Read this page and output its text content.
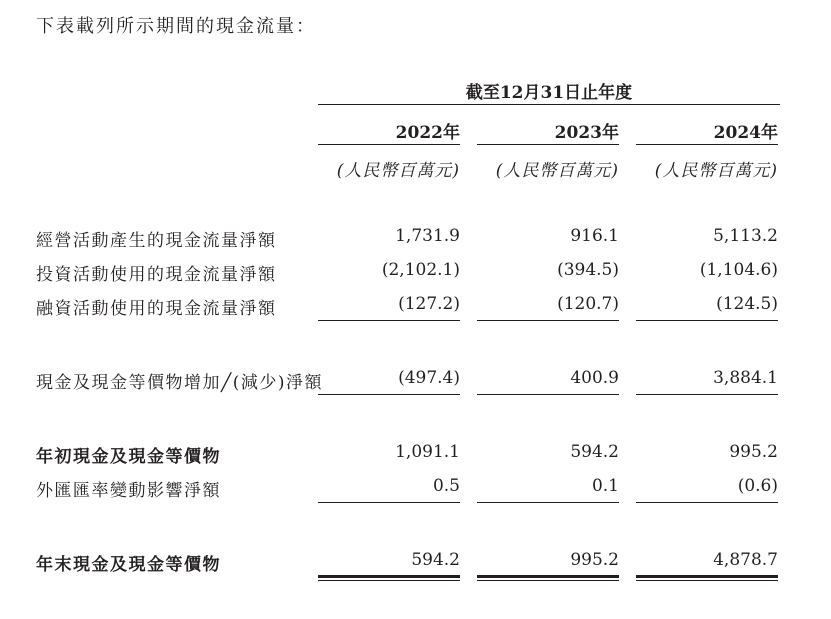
下表載列所示期間的現金流量：
截至12月31日止年度
2022年	2023年	2024年
(人民幣百萬元)	(人民幣百萬元)	(人民幣百萬元)
經營活動產生的現金流量淨額	1,731.9	916.1	5,113.2
投資活動使用的現金流量淨額	(2,102.1)	(394.5)	(1,104.6)
融資活動使用的現金流量淨額	(127.2)	(120.7)	(124.5)
現金及現金等價物增加╱(減少)淨額	(497.4)	400.9	3,884.1
年初現金及現金等價物	1,091.1	594.2	995.2
外匯匯率變動影響淨額	0.5	0.1	(0.6)
年末現金及現金等價物	594.2	995.2	4,878.7
